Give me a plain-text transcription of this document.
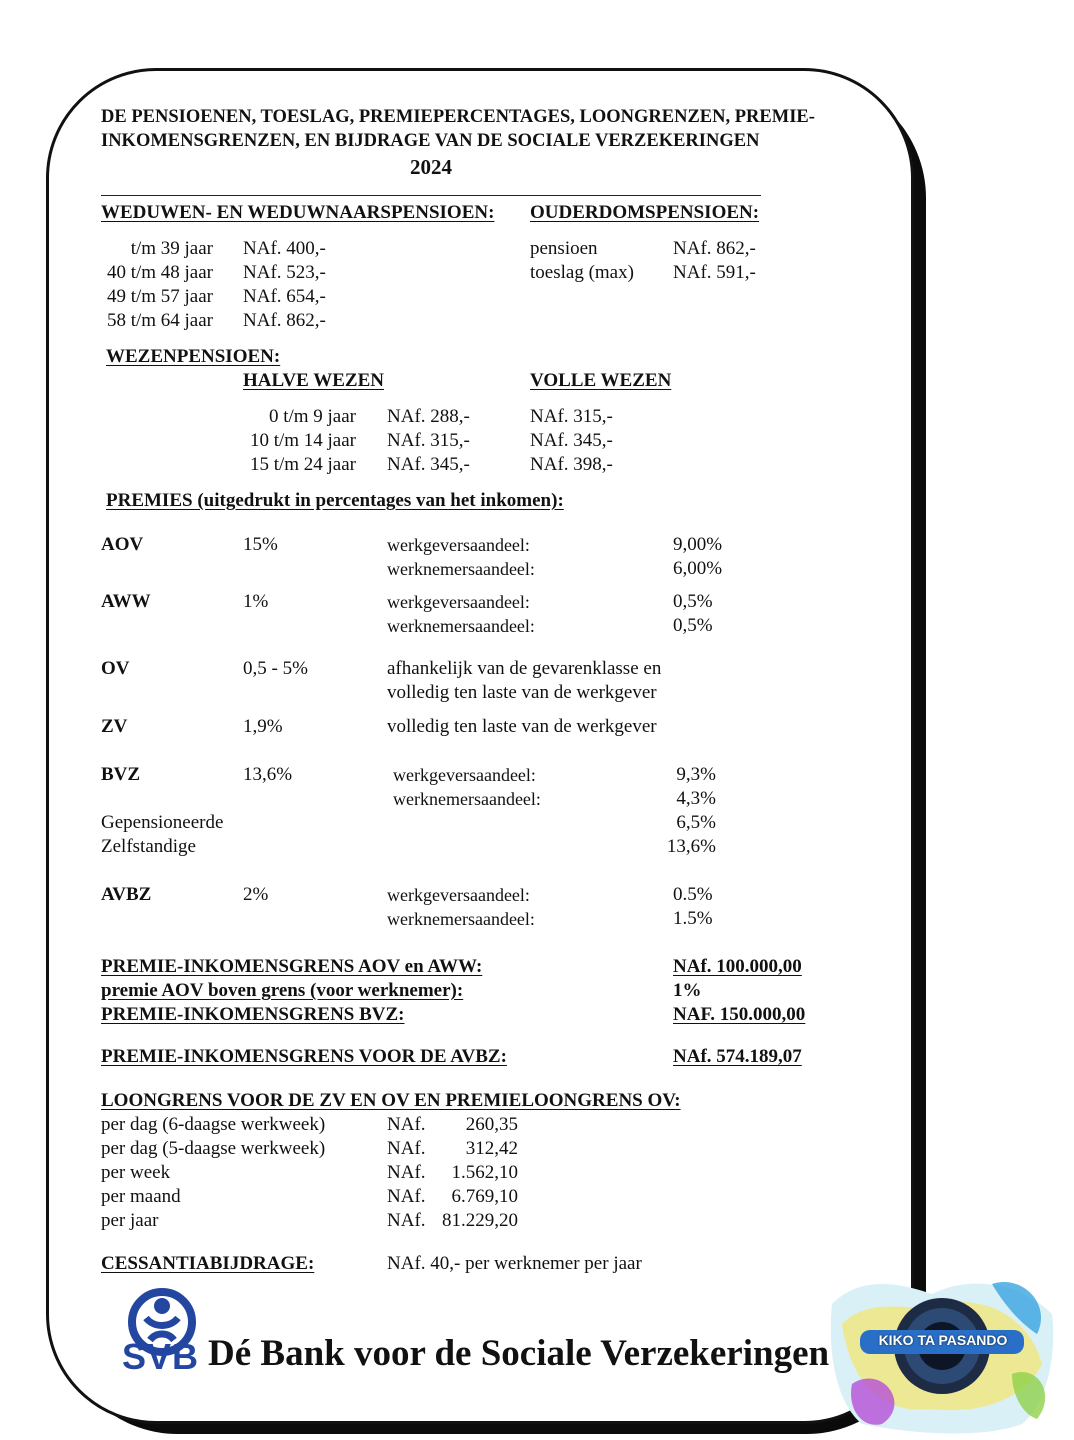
DE PENSIOENEN, TOESLAG, PREMIEPERCENTAGES, LOONGRENZEN, PREMIE-
INKOMENSGRENZEN, EN BIJDRAGE VAN DE SOCIALE VERZEKERINGEN
2024
WEDUWEN- EN WEDUWNAARSPENSIOEN: OUDERDOMSPENSIOEN:
t/m 39 jaar NAf. 400,-
40 t/m 48 jaar NAf. 523,-
49 t/m 57 jaar NAf. 654,-
58 t/m 64 jaar NAf. 862,-
pensioen	NAf. 862,-
toeslag (max) NAf. 591,-
WEZENPENSIOEN:
HALVE WEZEN	VOLLE WEZEN
0 t/m 9 jaar NAf. 288,-	NAf. 315,-
10 t/m 14 jaar NAf. 315,-	NAf. 345,-
15 t/m 24 jaar NAf. 345,-	NAf. 398,-
PREMIES (uitgedrukt in percentages van het inkomen):
AOV	15%	werkgeversaandeel:	9,00%
werknemersaandeel:	6,00%
AWW	1%	werkgeversaandeel:	0,5%
werknemersaandeel:	0,5%
OV	0,5 - 5%	afhankelijk van de gevarenklasse en
volledig ten laste van de werkgever
ZV	1,9%	volledig ten laste van de werkgever
BVZ	13,6%	werkgeversaandeel:	9,3%
werknemersaandeel:	4,3%
Gepensioneerde	6,5%
Zelfstandige	13,6%
AVBZ	2%	werkgeversaandeel:	0.5%
werknemersaandeel:	1.5%
PREMIE-INKOMENSGRENS AOV en AWW:	NAf. 100.000,00
premie AOV boven grens (voor werknemer):	1%
PREMIE-INKOMENSGRENS BVZ:	NAF. 150.000,00
PREMIE-INKOMENSGRENS VOOR DE AVBZ:	NAf. 574.189,07
LOONGRENS VOOR DE ZV EN OV EN PREMIELOONGRENS OV:
per dag (6-daagse werkweek)	NAf.	260,35
per dag (5-daagse werkweek)	NAf.	312,42
per week	NAf.	1.562,10
per maand	NAf.	6.769,10
per jaar	NAf. 81.229,20
CESSANTIABIJDRAGE:	NAf. 40,- per werknemer per jaar
SVB Dé Bank voor de Sociale Verzekeringen	KIKO TA PASANDO
